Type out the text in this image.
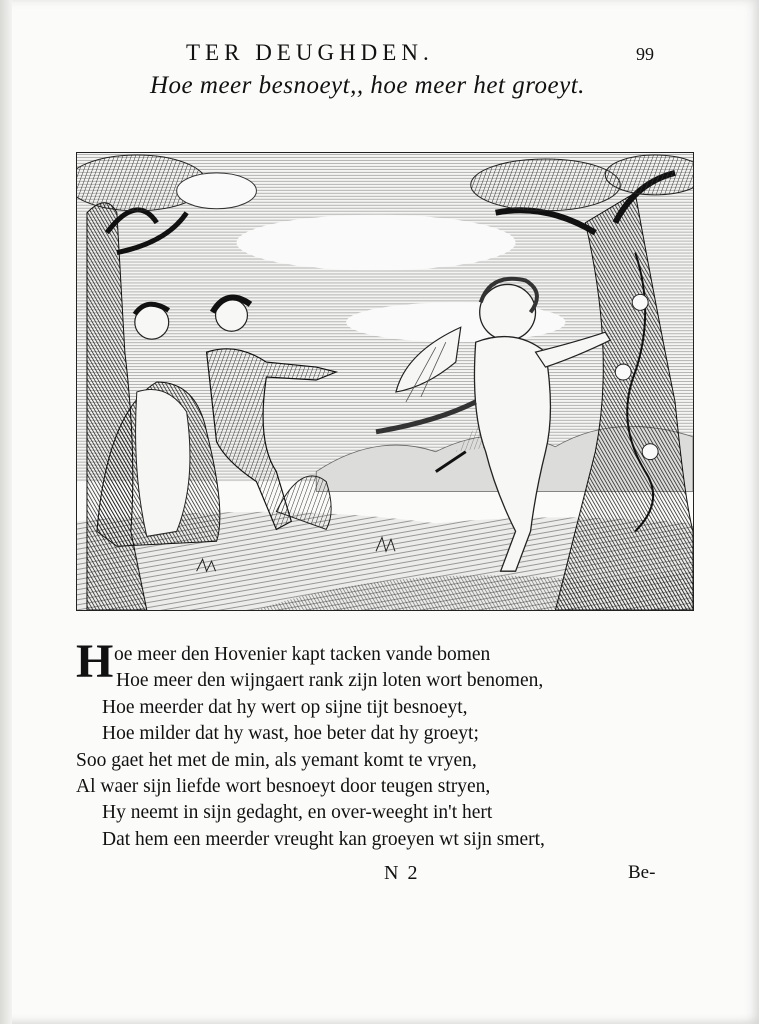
TER DEUGHDEN.	99
Hoe meer besnoeyt,, hoe meer het groeyt.
H oe meer den Hovenier kapt tacken vande bomen
Hoe meer den wijngaert rank zijn loten wort benomen,
Hoe meerder dat hy wert op sijne tijt besnoeyt,
Hoe milder dat hy wast, hoe beter dat hy groeyt;
Soo gaet het met de min, als yemant komt te vryen,
Al waer sijn liefde wort besnoeyt door teugen stryen,
Hy neemt in sijn gedaght, en over-weeght in't hert
Dat hem een meerder vreught kan groeyen wt sijn smert,
N 2	Be-
